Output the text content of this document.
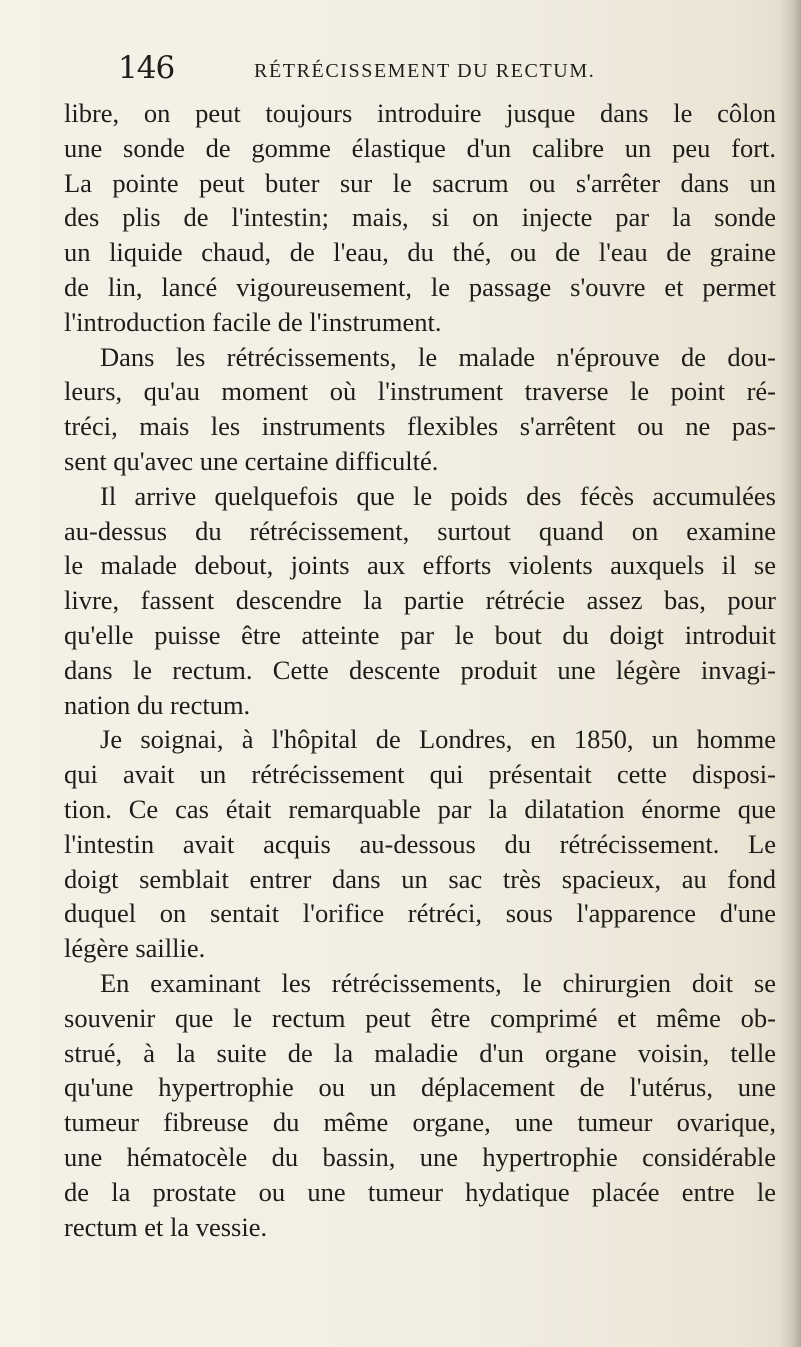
146	RÉTRÉCISSEMENT DU RECTUM.
libre, on peut toujours introduire jusque dans le côlon
une sonde de gomme élastique d'un calibre un peu fort.
La pointe peut buter sur le sacrum ou s'arrêter dans un
des plis de l'intestin; mais, si on injecte par la sonde
un liquide chaud, de l'eau, du thé, ou de l'eau de graine
de lin, lancé vigoureusement, le passage s'ouvre et permet
l'introduction facile de l'instrument.
Dans les rétrécissements, le malade n'éprouve de dou-
leurs, qu'au moment où l'instrument traverse le point ré-
tréci, mais les instruments flexibles s'arrêtent ou ne pas-
sent qu'avec une certaine difficulté.
Il arrive quelquefois que le poids des fécès accumulées
au-dessus du rétrécissement, surtout quand on examine
le malade debout, joints aux efforts violents auxquels il se
livre, fassent descendre la partie rétrécie assez bas, pour
qu'elle puisse être atteinte par le bout du doigt introduit
dans le rectum. Cette descente produit une légère invagi-
nation du rectum.
Je soignai, à l'hôpital de Londres, en 1850, un homme
qui avait un rétrécissement qui présentait cette disposi-
tion. Ce cas était remarquable par la dilatation énorme que
l'intestin avait acquis au-dessous du rétrécissement. Le
doigt semblait entrer dans un sac très spacieux, au fond
duquel on sentait l'orifice rétréci, sous l'apparence d'une
légère saillie.
En examinant les rétrécissements, le chirurgien doit se
souvenir que le rectum peut être comprimé et même ob-
strué, à la suite de la maladie d'un organe voisin, telle
qu'une hypertrophie ou un déplacement de l'utérus, une
tumeur fibreuse du même organe, une tumeur ovarique,
une hématocèle du bassin, une hypertrophie considérable
de la prostate ou une tumeur hydatique placée entre le
rectum et la vessie.
